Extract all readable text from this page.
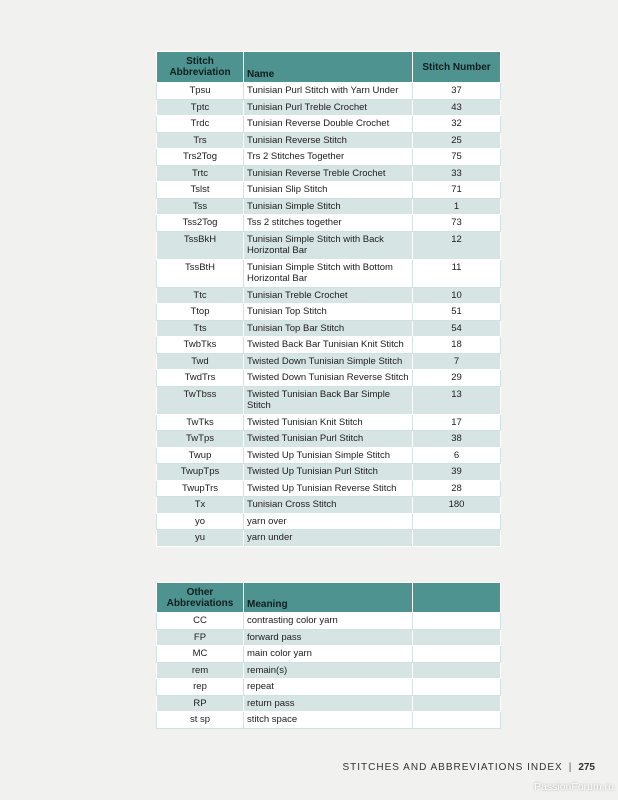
Stitch Abbreviation	Name	Stitch Number
Tpsu	Tunisian Purl Stitch with Yarn Under	37
Tptc	Tunisian Purl Treble Crochet	43
Trdc	Tunisian Reverse Double Crochet	32
Trs	Tunisian Reverse Stitch	25
Trs2Tog	Trs 2 Stitches Together	75
Trtc	Tunisian Reverse Treble Crochet	33
Tslst	Tunisian Slip Stitch	71
Tss	Tunisian Simple Stitch	1
Tss2Tog	Tss 2 stitches together	73
TssBkH	Tunisian Simple Stitch with Back Horizontal Bar	12
TssBtH	Tunisian Simple Stitch with Bottom Horizontal Bar	11
Ttc	Tunisian Treble Crochet	10
Ttop	Tunisian Top Stitch	51
Tts	Tunisian Top Bar Stitch	54
TwbTks	Twisted Back Bar Tunisian Knit Stitch	18
Twd	Twisted Down Tunisian Simple Stitch	7
TwdTrs	Twisted Down Tunisian Reverse Stitch	29
TwTbss	Twisted Tunisian Back Bar Simple Stitch	13
TwTks	Twisted Tunisian Knit Stitch	17
TwTps	Twisted Tunisian Purl Stitch	38
Twup	Twisted Up Tunisian Simple Stitch	6
TwupTps	Twisted Up Tunisian Purl Stitch	39
TwupTrs	Twisted Up Tunisian Reverse Stitch	28
Tx	Tunisian Cross Stitch	180
yo	yarn over	
yu	yarn under	
Other Abbreviations	Meaning	
CC	contrasting color yarn	
FP	forward pass	
MC	main color yarn	
rem	remain(s)	
rep	repeat	
RP	return pass	
st sp	stitch space	
STITCHES AND ABBREVIATIONS INDEX | 275
PassionForum.ru
